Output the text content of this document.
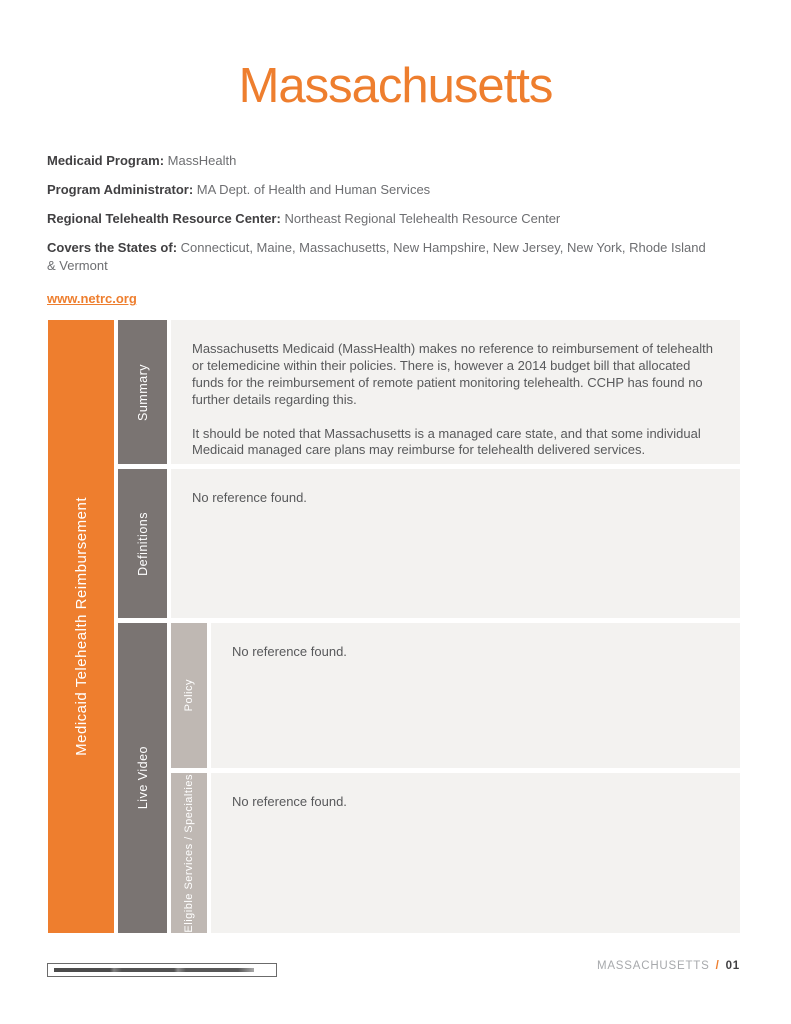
Massachusetts
Medicaid Program: MassHealth
Program Administrator: MA Dept. of Health and Human Services
Regional Telehealth Resource Center: Northeast Regional Telehealth Resource Center
Covers the States of: Connecticut, Maine, Massachusetts, New Hampshire, New Jersey, New York, Rhode Island & Vermont
www.netrc.org
Medicaid Telehealth Reimbursement
Summary

Massachusetts Medicaid (MassHealth) makes no reference to reimbursement of telehealth or telemedicine within their policies. There is, however a 2014 budget bill that allocated funds for the reimbursement of remote patient monitoring telehealth. CCHP has found no further details regarding this.

It should be noted that Massachusetts is a managed care state, and that some individual Medicaid managed care plans may reimburse for telehealth delivered services.

Definitions

No reference found.

Live Video
Policy

No reference found.

Eligible Services / Specialties	No reference found.

MASSACHUSETTS / 01
